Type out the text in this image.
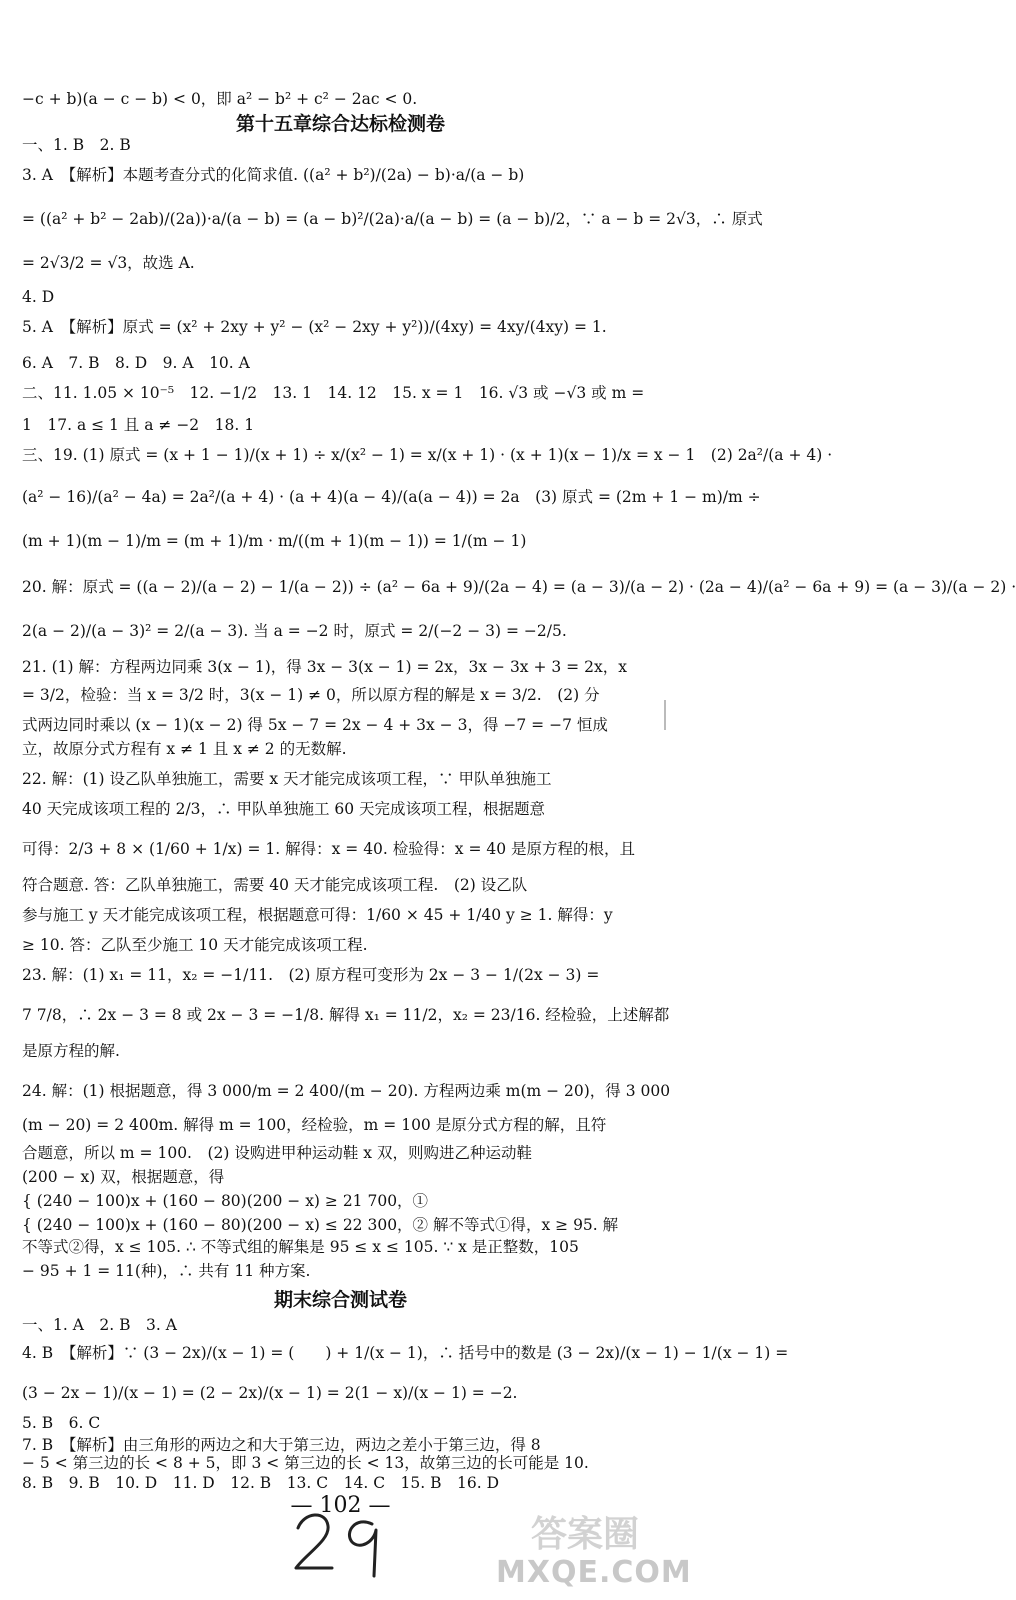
−c + b)(a − c − b) < 0，即 a² − b² + c² − 2ac < 0.
第十五章综合达标检测卷
一、1. B　2. B
3. A　【解析】本题考查分式的化简求值. ((a² + b²)/(2a) − b)·a/(a − b)
= ((a² + b² − 2ab)/(2a))·a/(a − b) = (a − b)²/(2a)·a/(a − b) = (a − b)/2，∵ a − b = 2√3，∴ 原式
= 2√3/2 = √3，故选 A.
4. D
5. A　【解析】原式 = (x² + 2xy + y² − (x² − 2xy + y²))/(4xy) = 4xy/(4xy) = 1.
6. A　7. B　8. D　9. A　10. A
二、11. 1.05 × 10⁻⁵　12. −1/2　13. 1　14. 12　15. x = 1　16. √3 或 −√3 或 m =
1　17. a ≤ 1 且 a ≠ −2　18. 1
三、19. (1) 原式 = (x + 1 − 1)/(x + 1) ÷ x/(x² − 1) = x/(x + 1) · (x + 1)(x − 1)/x = x − 1　(2) 2a²/(a + 4) ·
(a² − 16)/(a² − 4a) = 2a²/(a + 4) · (a + 4)(a − 4)/(a(a − 4)) = 2a　(3) 原式 = (2m + 1 − m)/m ÷
(m + 1)(m − 1)/m = (m + 1)/m · m/((m + 1)(m − 1)) = 1/(m − 1)
20. 解：原式 = ((a − 2)/(a − 2) − 1/(a − 2)) ÷ (a² − 6a + 9)/(2a − 4) = (a − 3)/(a − 2) · (2a − 4)/(a² − 6a + 9) = (a − 3)/(a − 2) ·
2(a − 2)/(a − 3)² = 2/(a − 3). 当 a = −2 时，原式 = 2/(−2 − 3) = −2/5.
21. (1) 解：方程两边同乘 3(x − 1)，得 3x − 3(x − 1) = 2x，3x − 3x + 3 = 2x，x
= 3/2，检验：当 x = 3/2 时，3(x − 1) ≠ 0，所以原方程的解是 x = 3/2.　(2) 分
式两边同时乘以 (x − 1)(x − 2) 得 5x − 7 = 2x − 4 + 3x − 3，得 −7 = −7 恒成
立，故原分式方程有 x ≠ 1 且 x ≠ 2 的无数解.
22. 解：(1) 设乙队单独施工，需要 x 天才能完成该项工程，∵ 甲队单独施工
40 天完成该项工程的 2/3，∴ 甲队单独施工 60 天完成该项工程，根据题意
可得：2/3 + 8 × (1/60 + 1/x) = 1. 解得：x = 40. 检验得：x = 40 是原方程的根，且
符合题意. 答：乙队单独施工，需要 40 天才能完成该项工程.　(2) 设乙队
参与施工 y 天才能完成该项工程，根据题意可得：1/60 × 45 + 1/40 y ≥ 1. 解得：y
≥ 10. 答：乙队至少施工 10 天才能完成该项工程.
23. 解：(1) x₁ = 11，x₂ = −1/11.　(2) 原方程可变形为 2x − 3 − 1/(2x − 3) =
7 7/8，∴ 2x − 3 = 8 或 2x − 3 = −1/8. 解得 x₁ = 11/2，x₂ = 23/16. 经检验，上述解都
是原方程的解.
24. 解：(1) 根据题意，得 3 000/m = 2 400/(m − 20). 方程两边乘 m(m − 20)，得 3 000
(m − 20) = 2 400m. 解得 m = 100，经检验，m = 100 是原分式方程的解，且符
合题意，所以 m = 100.　(2) 设购进甲种运动鞋 x 双，则购进乙种运动鞋
(200 − x) 双，根据题意，得
{ (240 − 100)x + (160 − 80)(200 − x) ≥ 21 700，①
{ (240 − 100)x + (160 − 80)(200 − x) ≤ 22 300，② 解不等式①得，x ≥ 95. 解
不等式②得，x ≤ 105. ∴ 不等式组的解集是 95 ≤ x ≤ 105. ∵ x 是正整数，105
− 95 + 1 = 11(种)，∴ 共有 11 种方案.
期末综合测试卷
一、1. A　2. B　3. A
4. B　【解析】∵ (3 − 2x)/(x − 1) = (　　) + 1/(x − 1)，∴ 括号中的数是 (3 − 2x)/(x − 1) − 1/(x − 1) =
(3 − 2x − 1)/(x − 1) = (2 − 2x)/(x − 1) = 2(1 − x)/(x − 1) = −2.
5. B　6. C
7. B　【解析】由三角形的两边之和大于第三边，两边之差小于第三边，得 8
− 5 < 第三边的长 < 8 + 5，即 3 < 第三边的长 < 13，故第三边的长可能是 10.
8. B　9. B　10. D　11. D　12. B　13. C　14. C　15. B　16. D
— 102 —
答案圈
MXQE.COM
